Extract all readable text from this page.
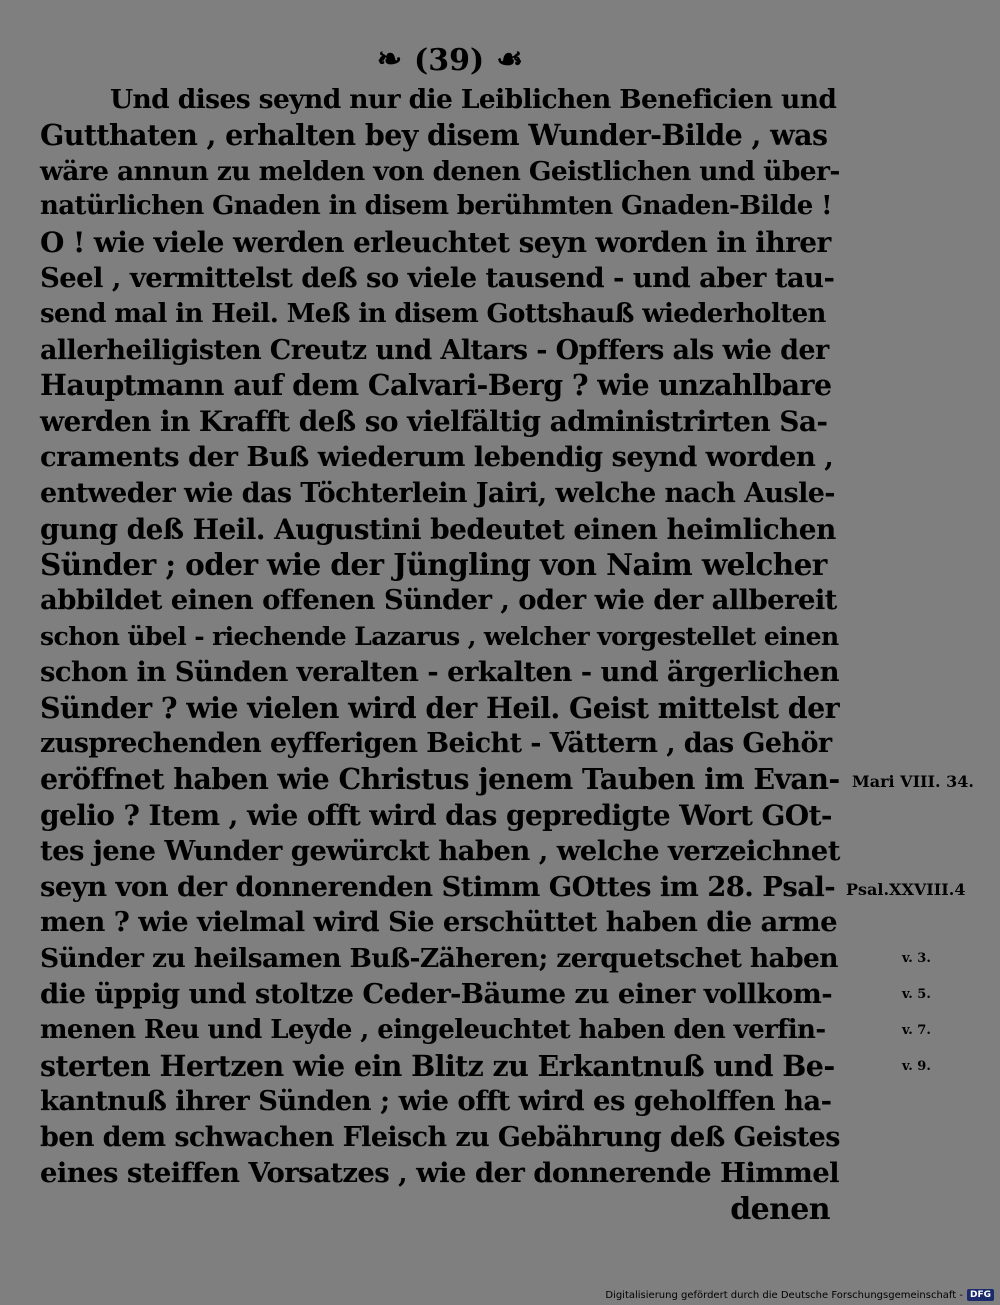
❧ (39) ☙
Und dises seynd nur die Leiblichen Beneficien und
Gutthaten , erhalten bey disem Wunder-Bilde , was
wäre annun zu melden von denen Geistlichen und über-
natürlichen Gnaden in disem berühmten Gnaden-Bilde !
O ! wie viele werden erleuchtet seyn worden in ihrer
Seel , vermittelst deß so viele tausend - und aber tau-
send mal in Heil. Meß in disem Gottshauß wiederholten
allerheiligisten Creutz und Altars - Opffers als wie der
Hauptmann auf dem Calvari-Berg ? wie unzahlbare
werden in Krafft deß so vielfältig administrirten Sa-
craments der Buß wiederum lebendig seynd worden ,
entweder wie das Töchterlein Jairi, welche nach Ausle-
gung deß Heil. Augustini bedeutet einen heimlichen
Sünder ; oder wie der Jüngling von Naim welcher
abbildet einen offenen Sünder , oder wie der allbereit
schon übel - riechende Lazarus , welcher vorgestellet einen
schon in Sünden veralten - erkalten - und ärgerlichen
Sünder ? wie vielen wird der Heil. Geist mittelst der
zusprechenden eyfferigen Beicht - Vättern , das Gehör
eröffnet haben wie Christus jenem Tauben im Evan-
gelio ? Item , wie offt wird das gepredigte Wort GOt-
tes jene Wunder gewürckt haben , welche verzeichnet
seyn von der donnerenden Stimm GOttes im 28. Psal-
men ? wie vielmal wird Sie erschüttet haben die arme
Sünder zu heilsamen Buß-Zäheren; zerquetschet haben
die üppig und stoltze Ceder-Bäume zu einer vollkom-
menen Reu und Leyde , eingeleuchtet haben den verfin-
sterten Hertzen wie ein Blitz zu Erkantnuß und Be-
kantnuß ihrer Sünden ; wie offt wird es geholffen ha-
ben dem schwachen Fleisch zu Gebährung deß Geistes
eines steiffen Vorsatzes , wie der donnerende Himmel
denen
Mari VIII. 34.
Psal.XXVIII.4
v. 3.
v. 5.
v. 7.
v. 9.
Digitalisierung gefördert durch die Deutsche Forschungsgemeinschaft - DFG
